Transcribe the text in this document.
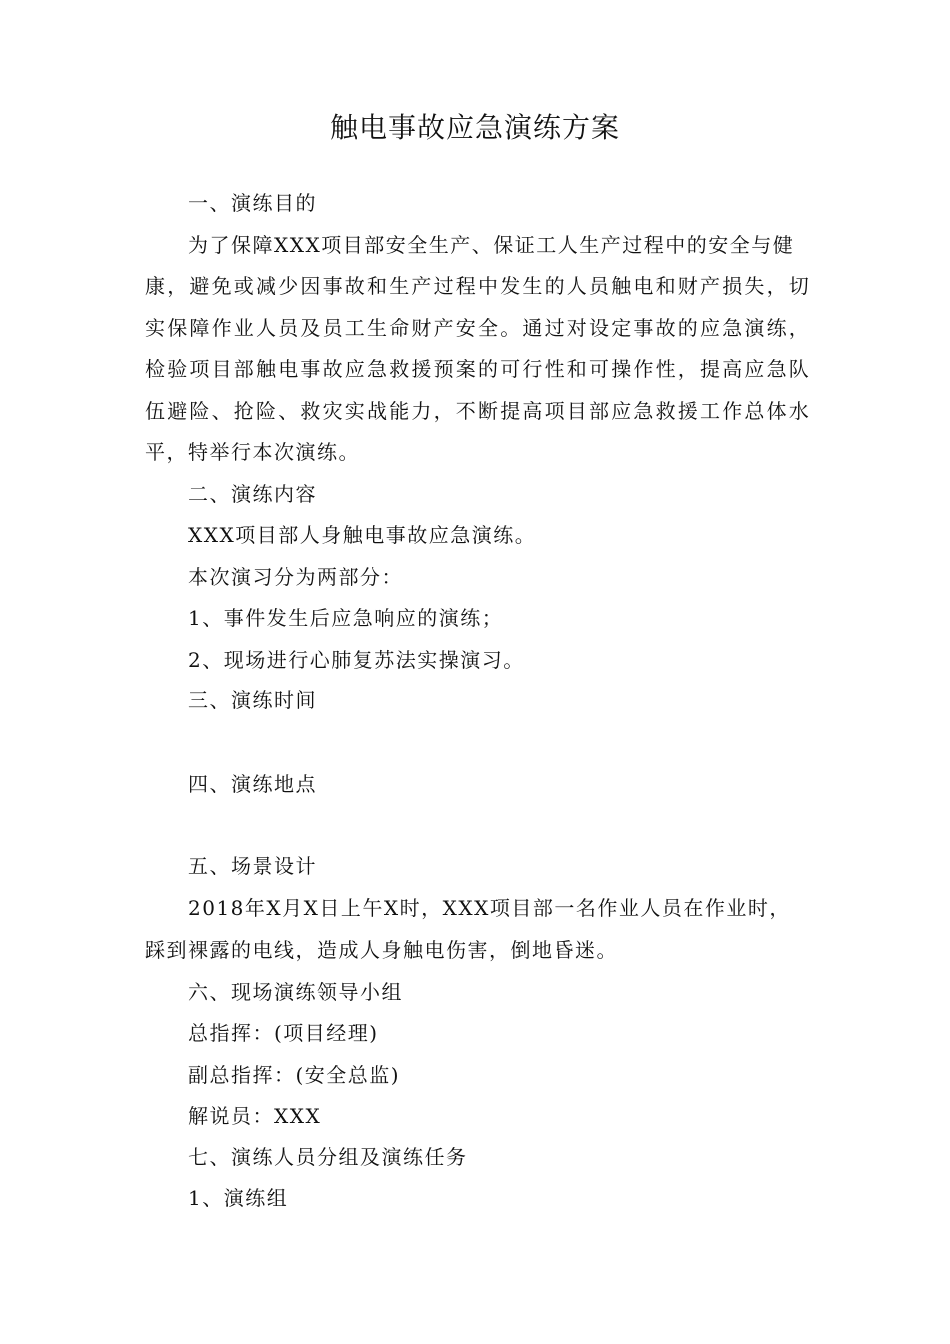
触电事故应急演练方案
一、演练目的
为了保障XXX项目部安全生产、保证工人生产过程中的安全与健
康，避免或减少因事故和生产过程中发生的人员触电和财产损失，切
实保障作业人员及员工生命财产安全。通过对设定事故的应急演练，
检验项目部触电事故应急救援预案的可行性和可操作性，提高应急队
伍避险、抢险、救灾实战能力，不断提高项目部应急救援工作总体水
平，特举行本次演练。
二、演练内容
XXX项目部人身触电事故应急演练。
本次演习分为两部分：
1、事件发生后应急响应的演练；
2、现场进行心肺复苏法实操演习。
三、演练时间
四、演练地点
五、场景设计
2018年X月X日上午X时，XXX项目部一名作业人员在作业时，
踩到裸露的电线，造成人身触电伤害，倒地昏迷。
六、现场演练领导小组
总指挥：(项目经理)
副总指挥：(安全总监)
解说员：XXX
七、演练人员分组及演练任务
1、演练组
